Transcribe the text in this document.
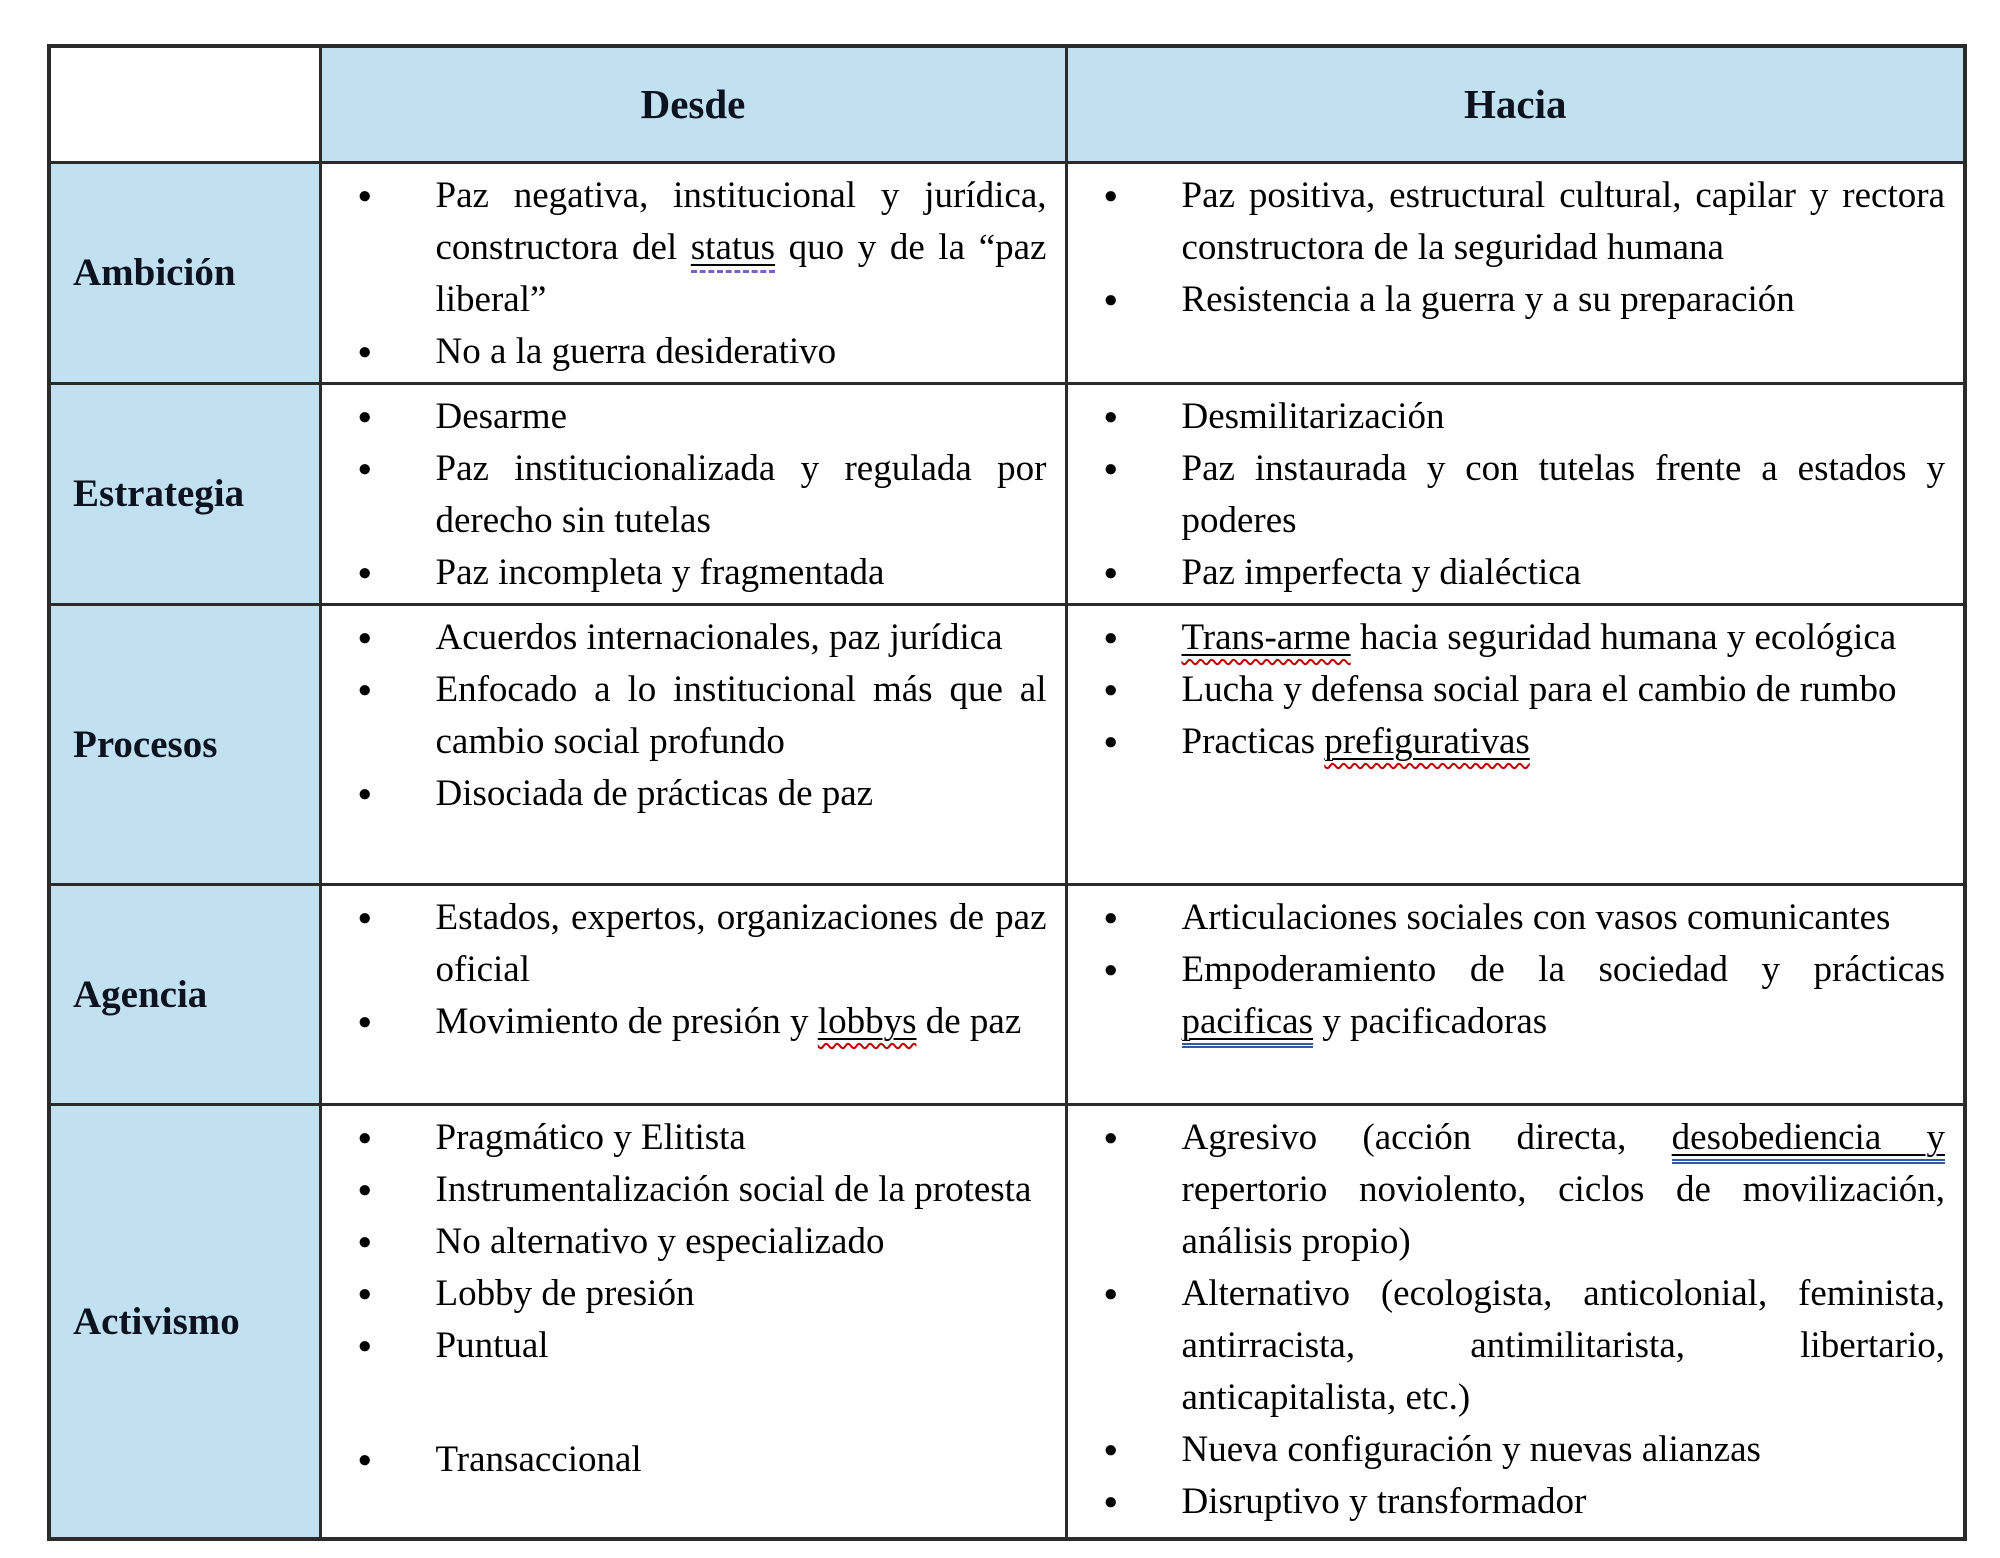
	Desde	Hacia
Ambición	
●	Paz negativa, institucional y jurídica, constructora del status quo y de la “paz liberal”
●	No a la guerra desiderativo

●	Paz positiva, estructural cultural, capilar y rectora constructora de la seguridad humana
●	Resistencia a la guerra y a su preparación

Estrategia	
●	Desarme
●	Paz institucionalizada y regulada por derecho sin tutelas
●	Paz incompleta y fragmentada

●	Desmilitarización
●	Paz instaurada y con tutelas frente a estados y poderes
●	Paz imperfecta y dialéctica

Procesos	
●	Acuerdos internacionales, paz jurídica
●	Enfocado a lo institucional más que al cambio social profundo
●	Disociada de prácticas de paz

●	Trans-arme hacia seguridad humana y ecológica
●	Lucha y defensa social para el cambio de rumbo
●	Practicas prefigurativas

Agencia	
●	Estados, expertos, organizaciones de paz oficial
●	Movimiento de presión y lobbys de paz

●	Articulaciones sociales con vasos comunicantes
●	Empoderamiento de la sociedad y prácticas pacificas y pacificadoras

Activismo	
●	Pragmático y Elitista
●	Instrumentalización social de la protesta
●	No alternativo y especializado
●	Lobby de presión
●	Puntual
●	Transaccional

●	Agresivo (acción directa, desobediencia y repertorio noviolento, ciclos de movilización, análisis propio)
●	Alternativo (ecologista, anticolonial, feminista, antirracista, antimilitarista, libertario, anticapitalista, etc.)
●	Nueva configuración y nuevas alianzas
●	Disruptivo y transformador
